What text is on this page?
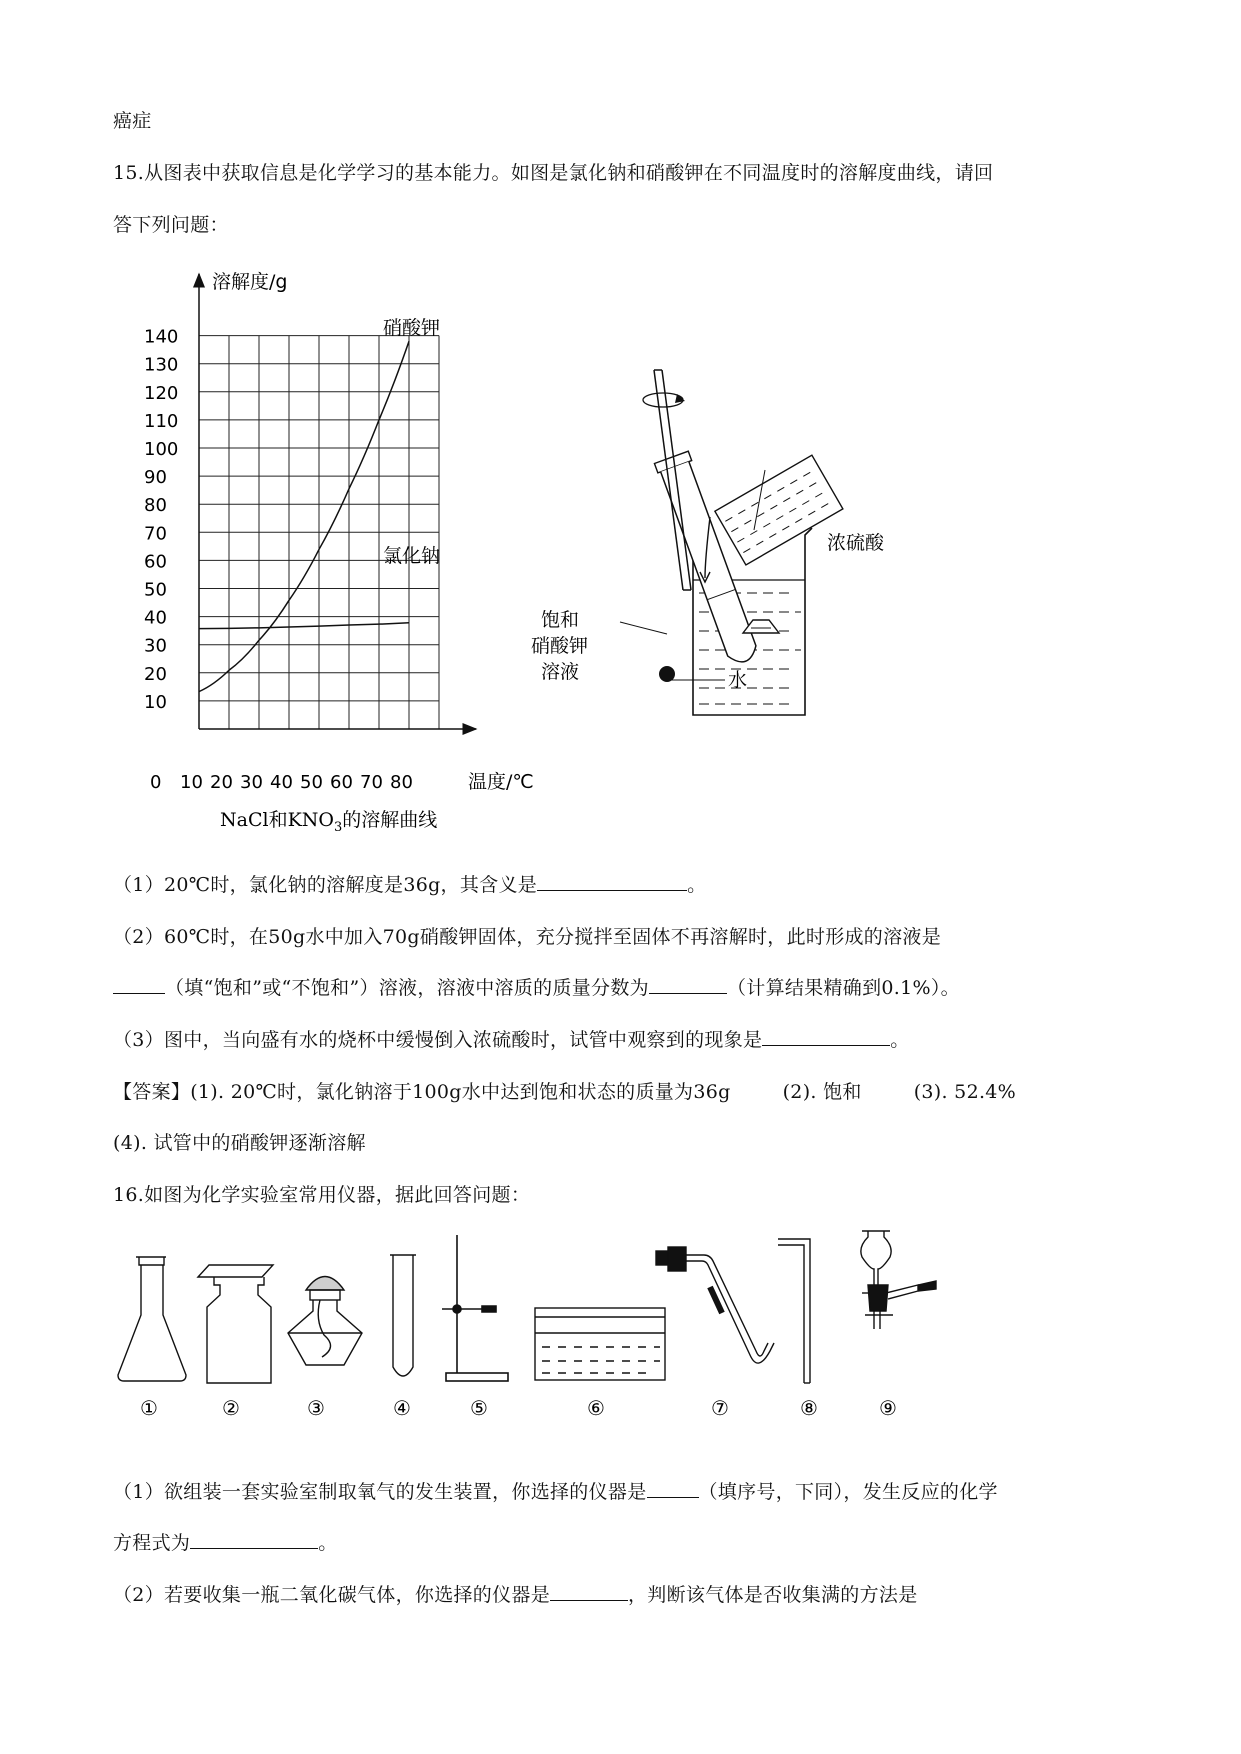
癌症
15.从图表中获取信息是化学学习的基本能力。如图是氯化钠和硝酸钾在不同温度时的溶解度曲线，请回
答下列问题：
溶解度/g
温度/℃
NaCl和$KNO_3$的溶解曲线
10
20
30
40
50
60
70
80
90
100
110
120
130
140
0 10 20 30 40 50 60 70 80
硝酸钾
氯化钠
饱和
硝酸钾
溶液
浓硫酸
水
（1）20℃时，氯化钠的溶解度是36g，其含义是	。
（2）60℃时，在50g水中加入70g硝酸钾固体，充分搅拌至固体不再溶解时，此时形成的溶液是
（填“饱和”或“不饱和”）溶液，溶液中溶质的质量分数为	（计算结果精确到0.1%）。
（3）图中，当向盛有水的烧杯中缓慢倒入浓硫酸时，试管中观察到的现象是	。
【答案】(1). 20℃时，氯化钠溶于100g水中达到饱和状态的质量为36g	(2). 饱和	(3). 52.4%
(4). 试管中的硝酸钾逐渐溶解
16.如图为化学实验室常用仪器，据此回答问题：
①	②	③	④	⑤	⑥	⑦	⑧	⑨
（1）欲组装一套实验室制取氧气的发生装置，你选择的仪器是	（填序号，下同），发生反应的化学
方程式为	。
（2）若要收集一瓶二氧化碳气体，你选择的仪器是	，判断该气体是否收集满的方法是
